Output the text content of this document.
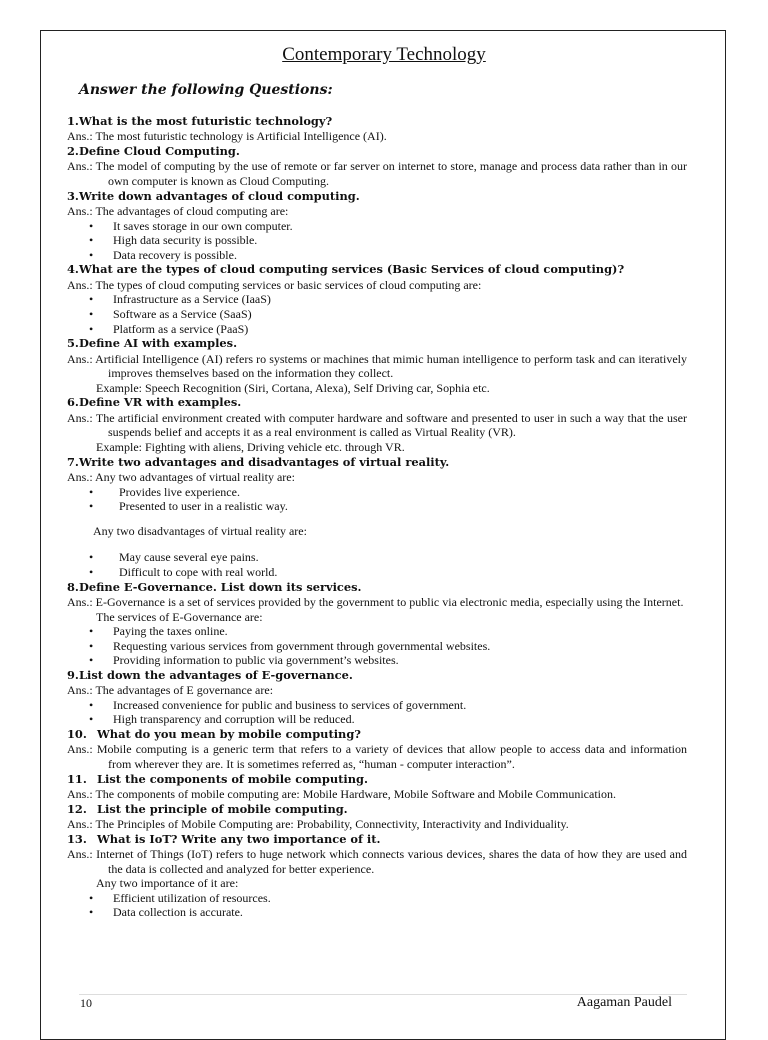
Contemporary Technology
Answer the following Questions:
1.What is the most futuristic technology?
Ans.: The most futuristic technology is Artificial Intelligence (AI).
2.Define Cloud Computing.
Ans.: The model of computing by the use of remote or far server on internet to store, manage and process data rather than in our own computer is known as Cloud Computing.
3.Write down advantages of cloud computing.
Ans.: The advantages of cloud computing are:
• It saves storage in our own computer.
• High data security is possible.
• Data recovery is possible.
4.What are the types of cloud computing services (Basic Services of cloud computing)?
Ans.: The types of cloud computing services or basic services of cloud computing are:
• Infrastructure as a Service (IaaS)
• Software as a Service (SaaS)
• Platform as a service (PaaS)
5.Define AI with examples.
Ans.: Artificial Intelligence (AI) refers ro systems or machines that mimic human intelligence to perform task and can iteratively improves themselves based on the information they collect.
Example: Speech Recognition (Siri, Cortana, Alexa), Self Driving car, Sophia etc.
6.Define VR with examples.
Ans.: The artificial environment created with computer hardware and software and presented to user in such a way that the user suspends belief and accepts it as a real environment is called as Virtual Reality (VR).
Example: Fighting with aliens, Driving vehicle etc. through VR.
7.Write two advantages and disadvantages of virtual reality.
Ans.: Any two advantages of virtual reality are:
• Provides live experience.
• Presented to user in a realistic way.
Any two disadvantages of virtual reality are:
• May cause several eye pains.
• Difficult to cope with real world.
8.Define E-Governance. List down its services.
Ans.: E-Governance is a set of services provided by the government to public via electronic media, especially using the Internet.
The services of E-Governance are:
• Paying the taxes online.
• Requesting various services from government through governmental websites.
• Providing information to public via government’s websites.
9.List down the advantages of E-governance.
Ans.: The advantages of E governance are:
• Increased convenience for public and business to services of government.
• High transparency and corruption will be reduced.
10. What do you mean by mobile computing?
Ans.: Mobile computing is a generic term that refers to a variety of devices that allow people to access data and information from wherever they are. It is sometimes referred as, “human - computer interaction”.
11. List the components of mobile computing.
Ans.: The components of mobile computing are: Mobile Hardware, Mobile Software and Mobile Communication.
12. List the principle of mobile computing.
Ans.: The Principles of Mobile Computing are: Probability, Connectivity, Interactivity and Individuality.
13. What is IoT? Write any two importance of it.
Ans.: Internet of Things (IoT) refers to huge network which connects various devices, shares the data of how they are used and the data is collected and analyzed for better experience.
Any two importance of it are:
• Efficient utilization of resources.
• Data collection is accurate.
10	Aagaman Paudel
